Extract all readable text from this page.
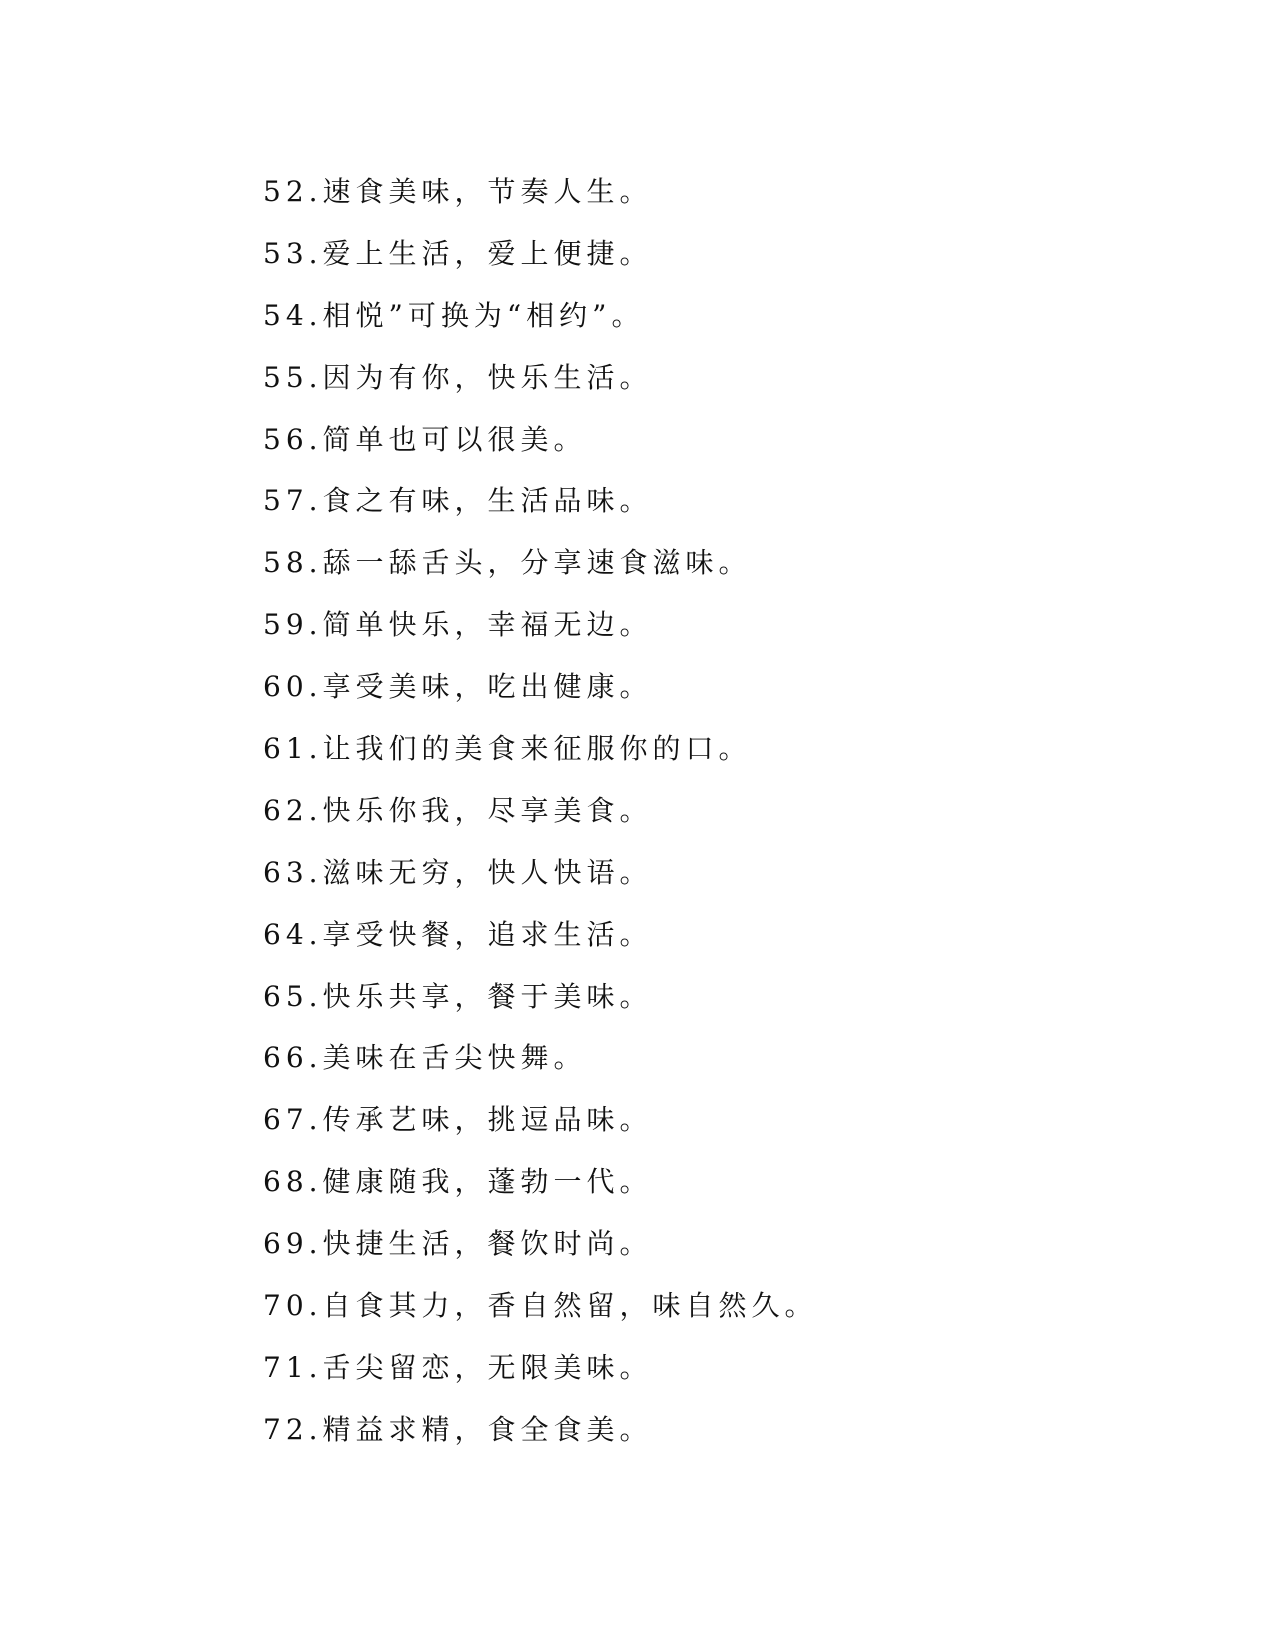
52.速食美味，节奏人生。
53.爱上生活，爱上便捷。
54.相悦”可换为“相约”。
55.因为有你，快乐生活。
56.简单也可以很美。
57.食之有味，生活品味。
58.舔一舔舌头，分享速食滋味。
59.简单快乐，幸福无边。
60.享受美味，吃出健康。
61.让我们的美食来征服你的口。
62.快乐你我，尽享美食。
63.滋味无穷，快人快语。
64.享受快餐，追求生活。
65.快乐共享，餐于美味。
66.美味在舌尖快舞。
67.传承艺味，挑逗品味。
68.健康随我，蓬勃一代。
69.快捷生活，餐饮时尚。
70.自食其力，香自然留，味自然久。
71.舌尖留恋，无限美味。
72.精益求精，食全食美。
